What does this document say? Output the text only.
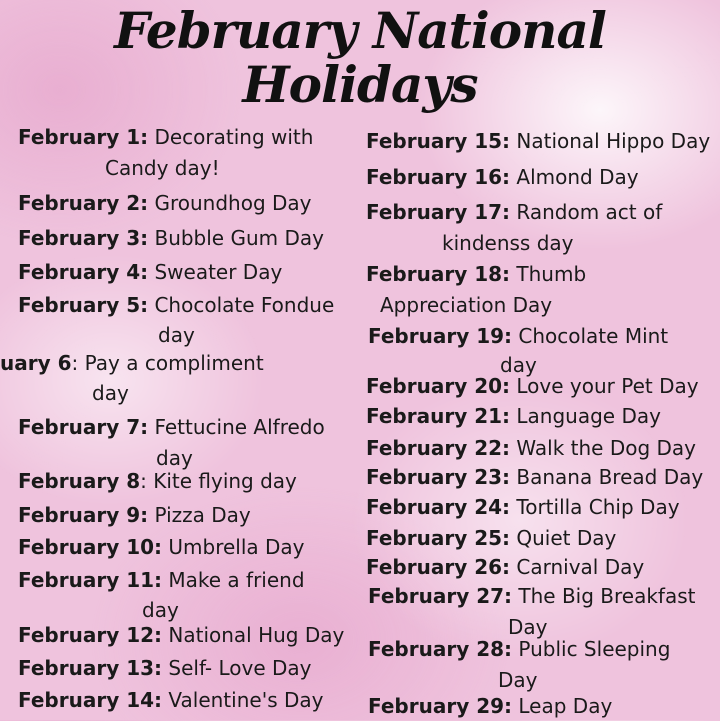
February National
Holidays
February 1: Decorating with
Candy day!
February 2: Groundhog Day
February 3: Bubble Gum Day
February 4: Sweater Day
February 5: Chocolate Fondue
day
uary 6: Pay a compliment
day
February 7: Fettucine Alfredo
day
February 8: Kite flying day
February 9: Pizza Day
February 10: Umbrella Day
February 11: Make a friend
day
February 12: National Hug Day
February 13: Self- Love Day
February 14: Valentine's Day
February 15: National Hippo Day
February 16: Almond Day
February 17: Random act of
kindenss day
February 18: Thumb
Appreciation Day
February 19: Chocolate Mint
day
February 20: Love your Pet Day
Febraury 21: Language Day
February 22: Walk the Dog Day
February 23: Banana Bread Day
February 24: Tortilla Chip Day
February 25: Quiet Day
February 26: Carnival Day
February 27: The Big Breakfast
Day
February 28: Public Sleeping
Day
February 29: Leap Day
